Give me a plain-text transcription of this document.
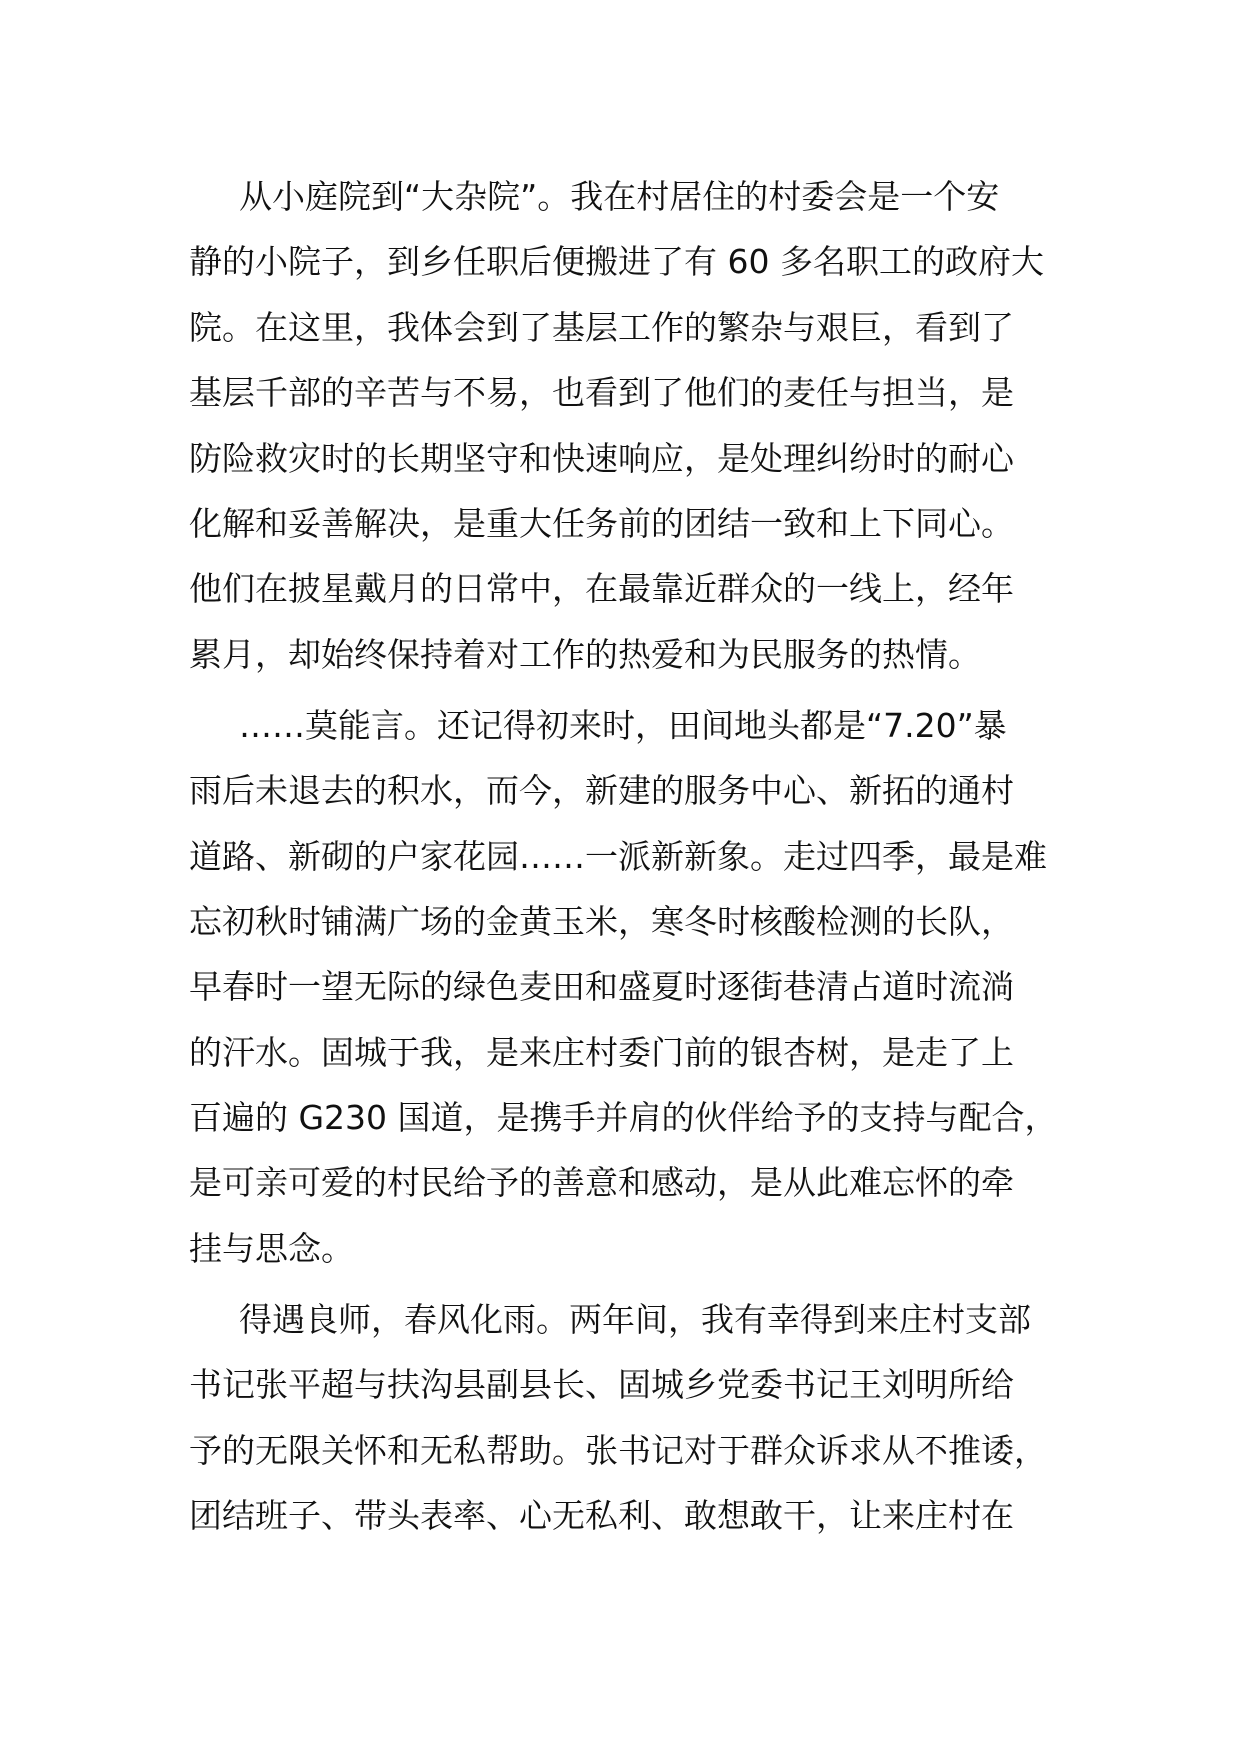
从小庭院到“大杂院”。我在村居住的村委会是一个安
静的小院子，到乡任职后便搬进了有 60 多名职工的政府大
院。在这里，我体会到了基层工作的繁杂与艰巨，看到了
基层千部的辛苦与不易，也看到了他们的麦任与担当，是
防险救灾时的长期坚守和快速响应，是处理纠纷时的耐心
化解和妥善解决，是重大任务前的团结一致和上下同心。
他们在披星戴月的日常中，在最靠近群众的一线上，经年
累月，却始终保持着对工作的热爱和为民服务的热情。
……莫能言。还记得初来时，田间地头都是“7.20”暴
雨后未退去的积水，而今，新建的服务中心、新拓的通村
道路、新砌的户家花园……一派新新象。走过四季，最是难
忘初秋时铺满广场的金黄玉米，寒冬时核酸检测的长队，
早春时一望无际的绿色麦田和盛夏时逐街巷清占道时流淌
的汗水。固城于我，是来庄村委门前的银杏树，是走了上
百遍的 G230 国道，是携手并肩的伙伴给予的支持与配合，
是可亲可爱的村民给予的善意和感动，是从此难忘怀的牵
挂与思念。
得遇良师，春风化雨。两年间，我有幸得到来庄村支部
书记张平超与扶沟县副县长、固城乡党委书记王刘明所给
予的无限关怀和无私帮助。张书记对于群众诉求从不推诿，
团结班子、带头表率、心无私利、敢想敢干，让来庄村在
